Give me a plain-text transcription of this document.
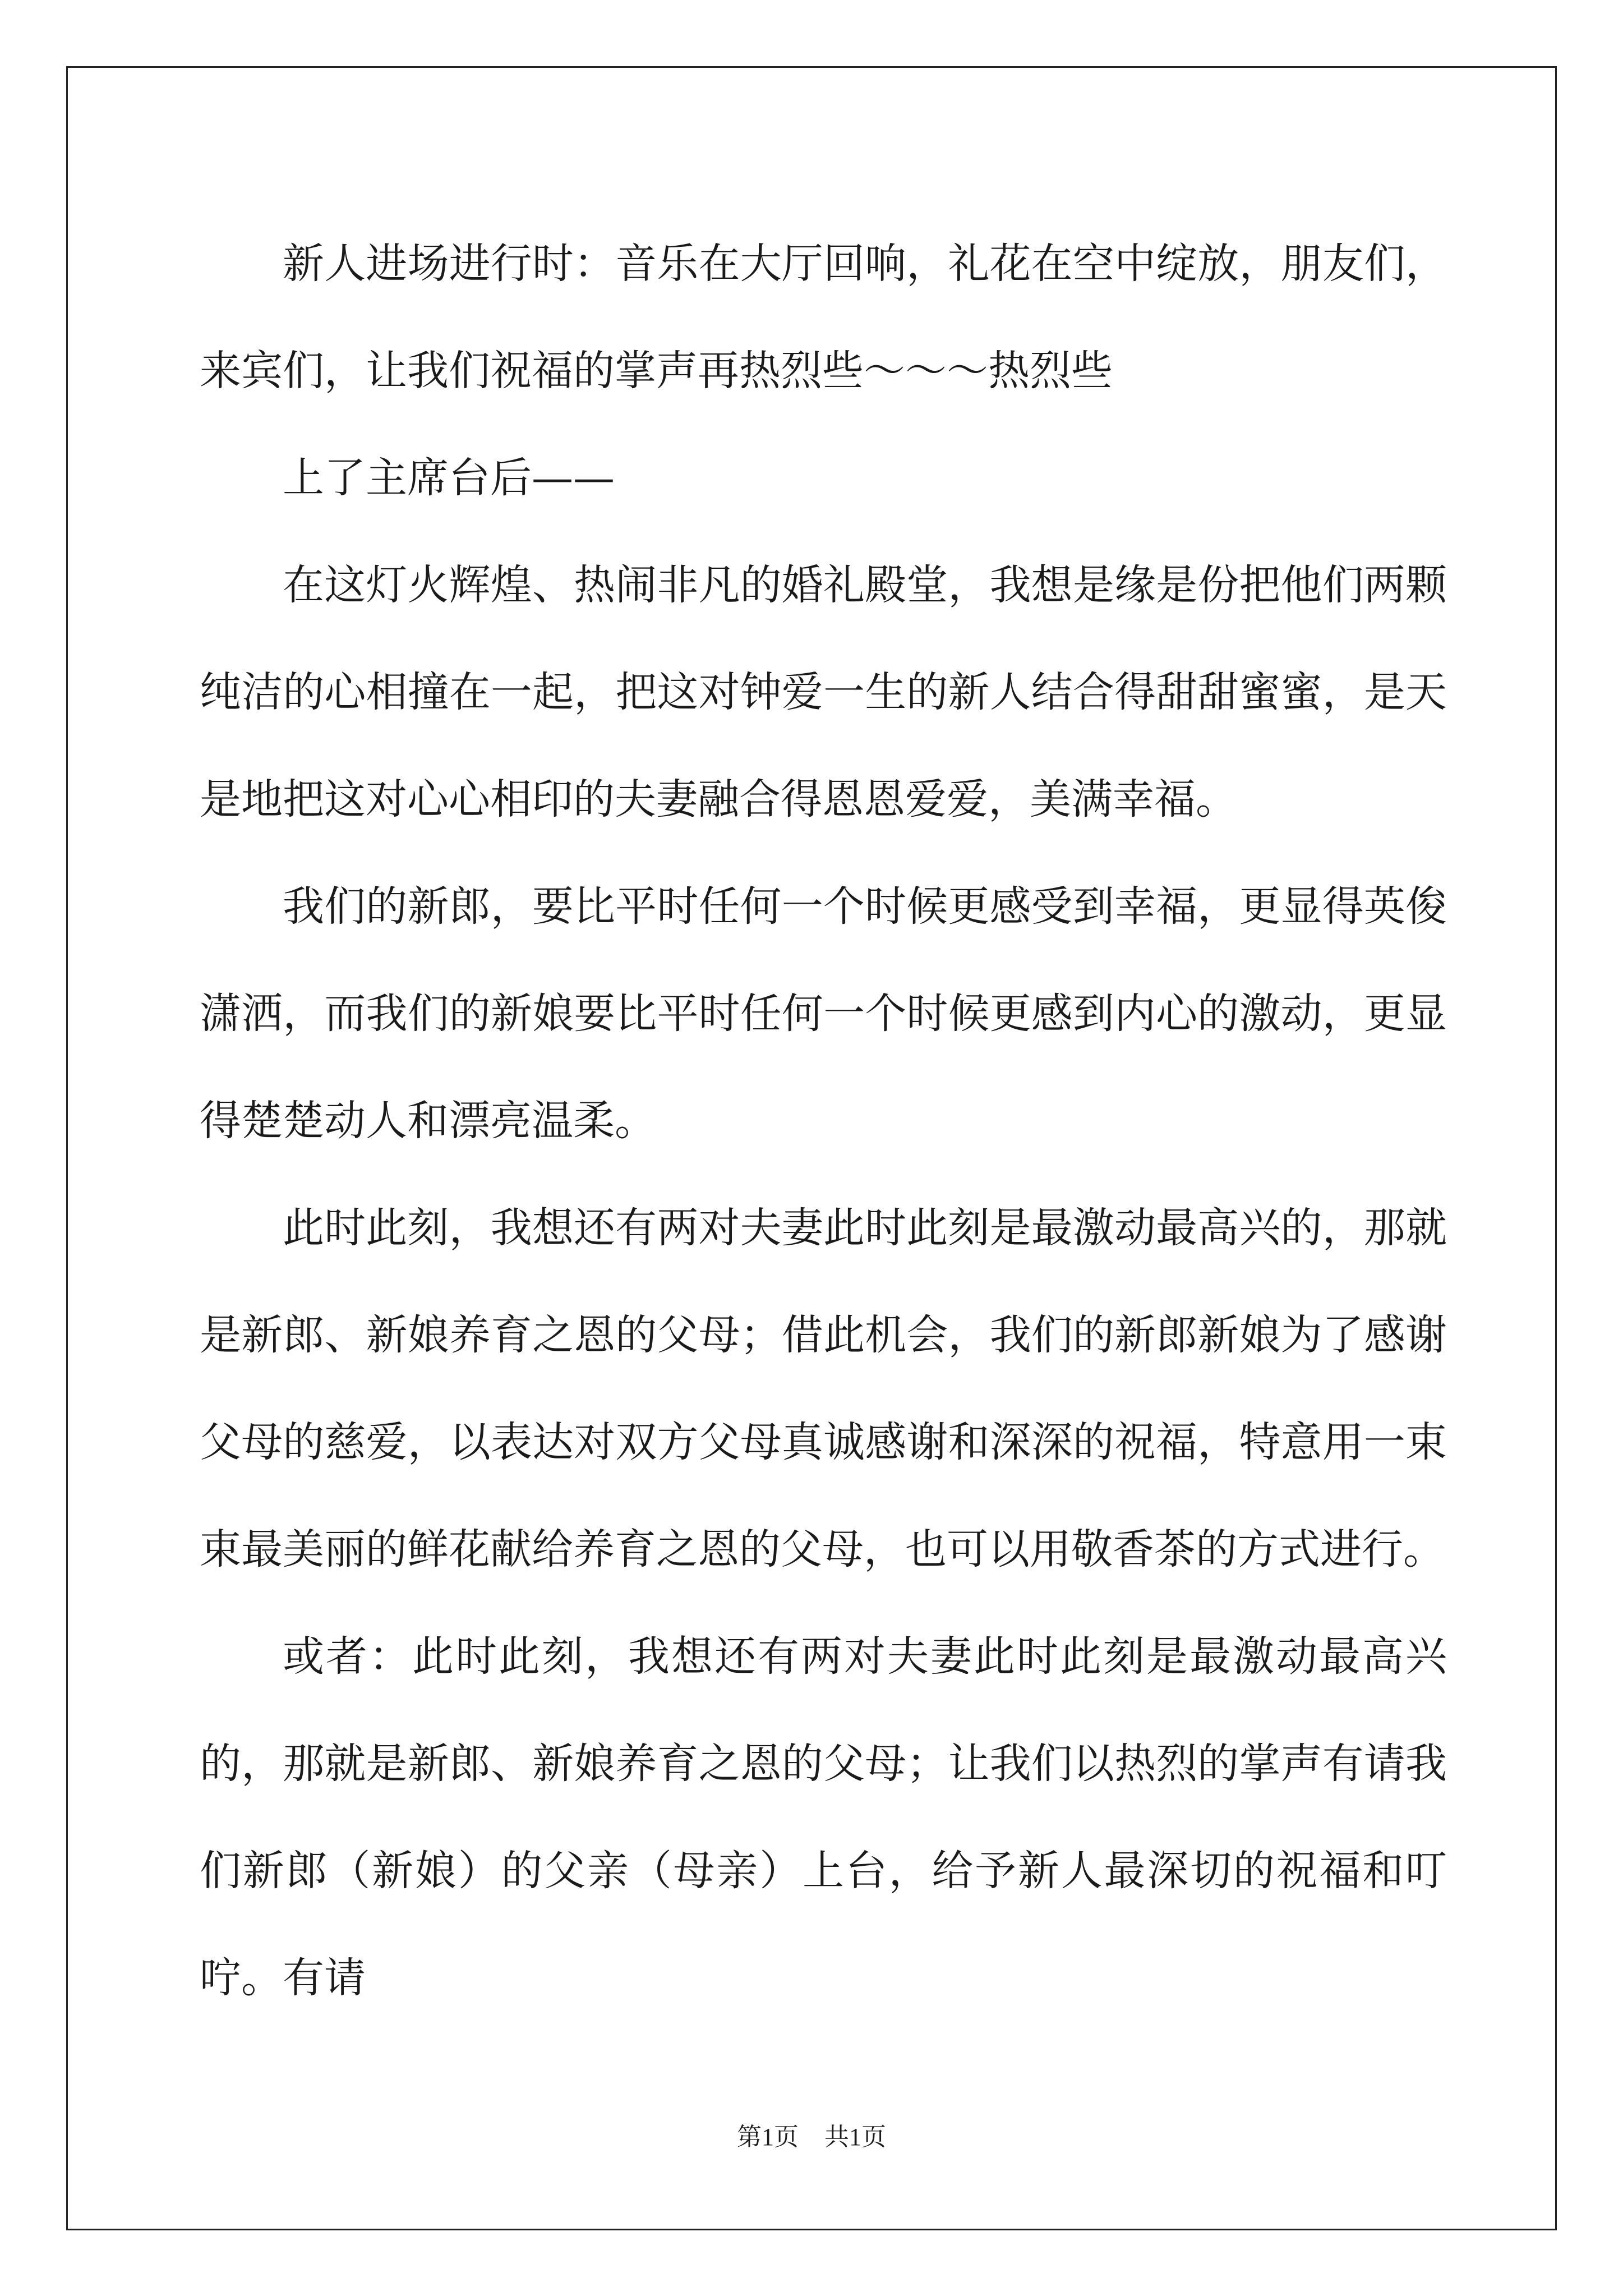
新人进场进行时：音乐在大厅回响，礼花在空中绽放，朋友们，来宾们，让我们祝福的掌声再热烈些～～～热烈些

上了主席台后——

在这灯火辉煌、热闹非凡的婚礼殿堂，我想是缘是份把他们两颗纯洁的心相撞在一起，把这对钟爱一生的新人结合得甜甜蜜蜜，是天是地把这对心心相印的夫妻融合得恩恩爱爱，美满幸福。

我们的新郎，要比平时任何一个时候更感受到幸福，更显得英俊潇洒，而我们的新娘要比平时任何一个时候更感到内心的激动，更显得楚楚动人和漂亮温柔。

此时此刻，我想还有两对夫妻此时此刻是最激动最高兴的，那就是新郎、新娘养育之恩的父母；借此机会，我们的新郎新娘为了感谢父母的慈爱，以表达对双方父母真诚感谢和深深的祝福，特意用一束束最美丽的鲜花献给养育之恩的父母，也可以用敬香茶的方式进行。

或者：此时此刻，我想还有两对夫妻此时此刻是最激动最高兴的，那就是新郎、新娘养育之恩的父母；让我们以热烈的掌声有请我们新郎（新娘）的父亲（母亲）上台，给予新人最深切的祝福和叮咛。有请

第1页 共1页
